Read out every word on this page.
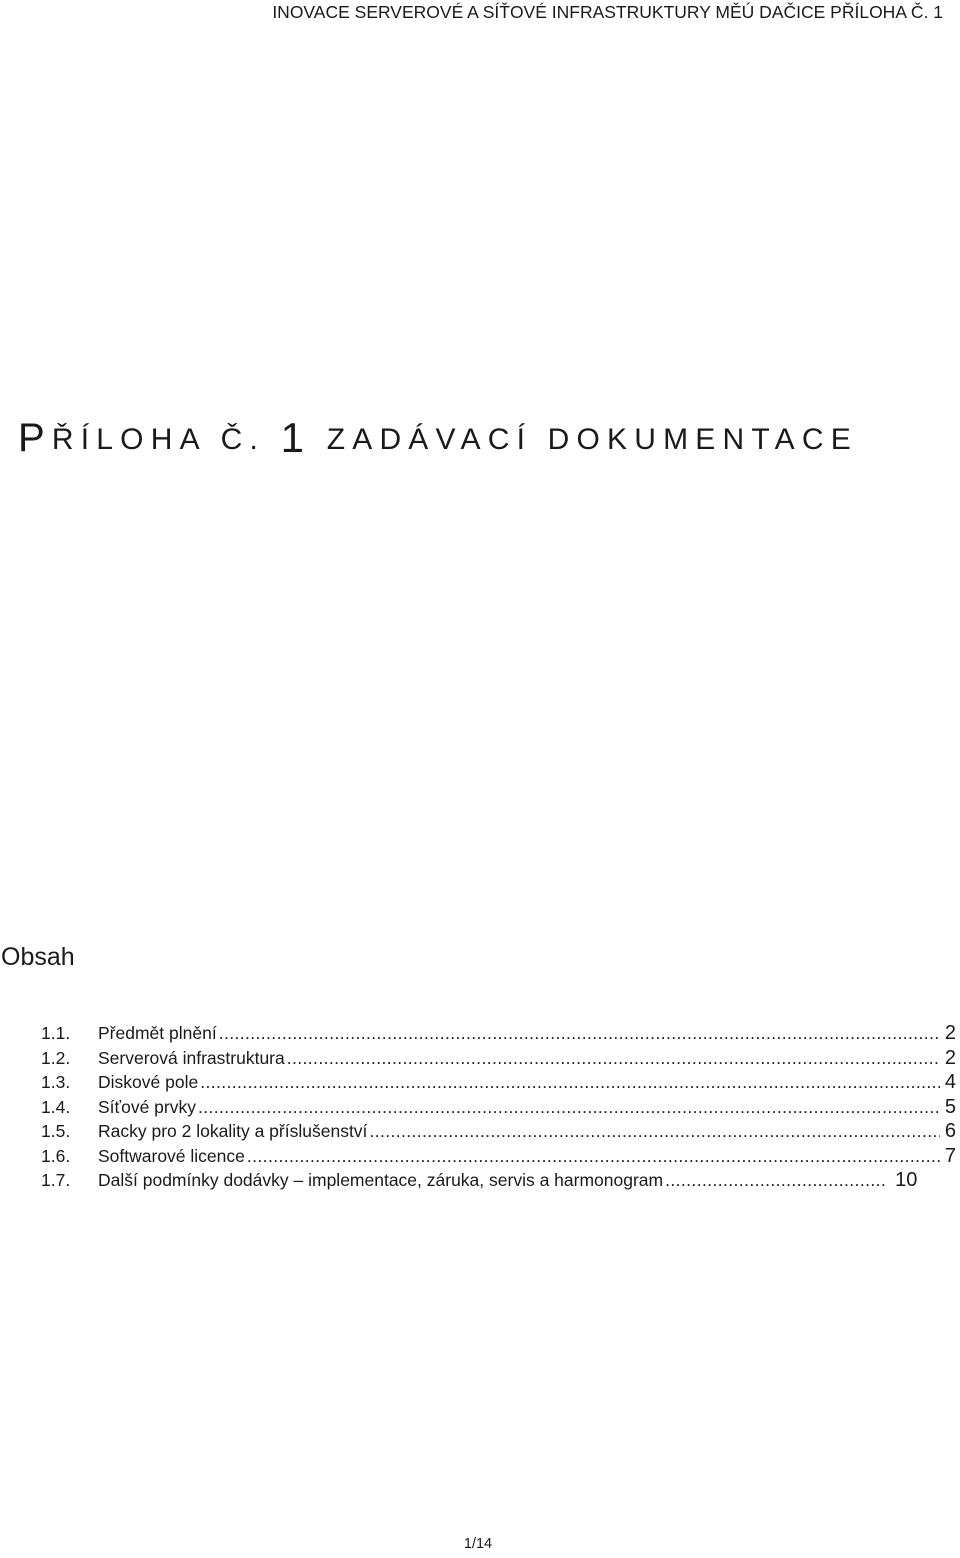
INOVACE SERVEROVÉ A SÍŤOVÉ INFRASTRUKTURY MĚÚ DAČICE PŘÍLOHA Č. 1
PŘÍLOHA Č. 1 ZADÁVACÍ DOKUMENTACE
Obsah
1.1.	Předmět plnění .....	2
1.2.	Serverová infrastruktura .....	2
1.3.	Diskové pole .....	4
1.4.	Síťové prvky .....	5
1.5.	Racky pro 2 lokality a příslušenství .....	6
1.6.	Softwarové licence .....	7
1.7.	Další podmínky dodávky – implementace, záruka, servis a harmonogram .....	10
1/14
